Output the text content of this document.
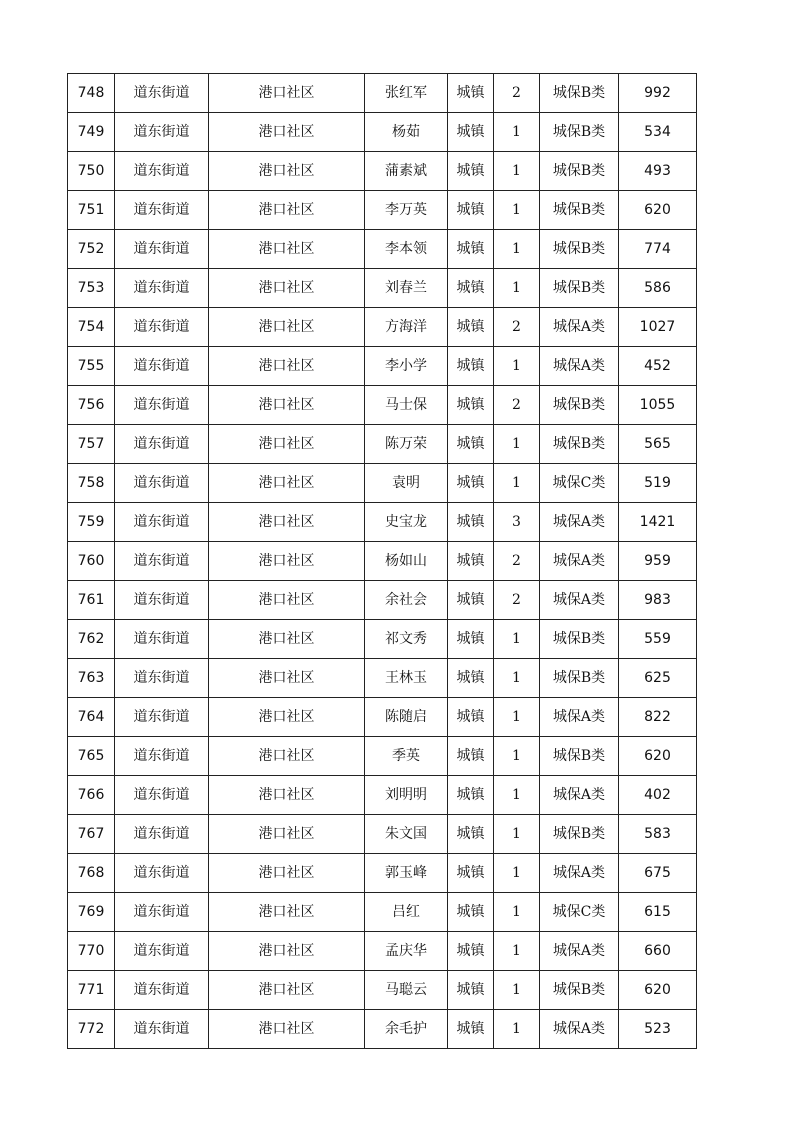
748	道东街道	港口社区	张红军	城镇	2	城保B类	992
749	道东街道	港口社区	杨茹	城镇	1	城保B类	534
750	道东街道	港口社区	蒲素斌	城镇	1	城保B类	493
751	道东街道	港口社区	李万英	城镇	1	城保B类	620
752	道东街道	港口社区	李本领	城镇	1	城保B类	774
753	道东街道	港口社区	刘春兰	城镇	1	城保B类	586
754	道东街道	港口社区	方海洋	城镇	2	城保A类	1027
755	道东街道	港口社区	李小学	城镇	1	城保A类	452
756	道东街道	港口社区	马士保	城镇	2	城保B类	1055
757	道东街道	港口社区	陈万荣	城镇	1	城保B类	565
758	道东街道	港口社区	袁明	城镇	1	城保C类	519
759	道东街道	港口社区	史宝龙	城镇	3	城保A类	1421
760	道东街道	港口社区	杨如山	城镇	2	城保A类	959
761	道东街道	港口社区	余社会	城镇	2	城保A类	983
762	道东街道	港口社区	祁文秀	城镇	1	城保B类	559
763	道东街道	港口社区	王林玉	城镇	1	城保B类	625
764	道东街道	港口社区	陈随启	城镇	1	城保A类	822
765	道东街道	港口社区	季英	城镇	1	城保B类	620
766	道东街道	港口社区	刘明明	城镇	1	城保A类	402
767	道东街道	港口社区	朱文国	城镇	1	城保B类	583
768	道东街道	港口社区	郭玉峰	城镇	1	城保A类	675
769	道东街道	港口社区	吕红	城镇	1	城保C类	615
770	道东街道	港口社区	孟庆华	城镇	1	城保A类	660
771	道东街道	港口社区	马聪云	城镇	1	城保B类	620
772	道东街道	港口社区	余毛护	城镇	1	城保A类	523
